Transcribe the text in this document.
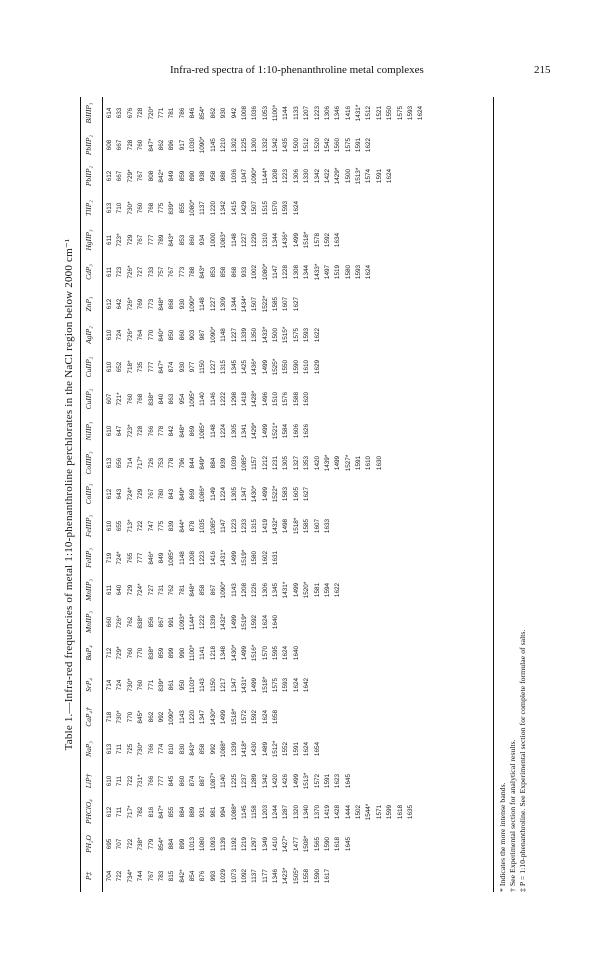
Infra-red spectra of 1:10-phenanthroline metal complexes	215
Table 1.—Infra-red frequencies of metal 1:10-phenanthroline perchlorates in the NaCl region below 2000 cm⁻¹
P‡
PH₂O
PHClO₄
LiP†
NaP₃
CaP₄†
SrP₄
BaP₄
MnIIP₃
MnIIP₃
FeIIP₃
FeIIIP₃
CoIIP₃
CoIIIP₃
NiIIP₃
CuIIP₂
CuIIP₂
AgIP₂
ZnP₃
CdP₃
HgIIP₃
TlIP₂
PbIIP₂
PbIIP₂
BiIIIP₃
704 722 734* 744 767 783 815 842* 854 876 993 1029 1073 1092 1137 1177 1346 1423* 1505* 1558 1590 1617
695 707 722 738* 779 854* 884 899 1013 1080 1093 1139 1192 1219 1297 1349 1410 1427* 1477 1508* 1565 1590 1618 1645
612 711 717* 782 816 847* 855 884 889 931 981 994 1088* 1145 1158 1203 1244 1287 1320 1340 1370 1419 1428 1444 1502 1544* 1571 1599 1618 1635
610 711 722 731* 766 777 845 860 874 887 1087* 1140 1225 1237 1289 1342 1420 1426 1499 1513* 1572 1591 1623 1645
613 711 725 730* 766 774 810 830 843* 858 992 1088* 1339 1418* 1430 1489 1512* 1552 1591 1624 1654
718 730* 770 845* 862 992 1090* 1143 1220 1347 1430* 1499 1518* 1572 1592 1624 1658
714 724 730* 760 771 839* 861 950 1103* 1143 1150 1217 1347 1431* 1499 1518* 1575 1593 1624 1642
712 729* 760 770 838* 859 899 990 1100* 1141 1218 1348 1430* 1499 1516* 1570 1595 1624 1640
660 726* 762 838* 856 867 991 1093* 1144* 1222 1339 1432* 1499 1519* 1592 1624 1640
611 640 729 724* 727 731 762 781 848* 858 867 1090* 1143 1208 1226 1306 1345 1431* 1499 1520* 1581 1594 1622
719 724* 765 777 846* 849 1085* 1148 1208 1223 1416 1431* 1499 1519* 1580 1602 1631
610 655 713* 722 747 775 839 844* 878 1035 1085* 1147 1223 1233 1315 1419 1432* 1498 1518* 1585 1607 1633
612 643 724* 729 767 780 843 849* 869 1086* 1149 1224 1305 1347 1430* 1499 1522* 1583 1605 1627
613 656 714 717* 726 753 778 796 844 849* 884 939 1039 1085* 1157 1212 1231 1305 1327 1353 1420 1439* 1499 1527* 1591 1610 1630
610 647 723* 728 766 778 842 848* 869 1085* 1148 1224 1305 1341 1429* 1499 1521* 1584 1606 1626
607 721* 760 768 838* 840 863 954 1095* 1140 1146 1222 1298 1418 1428* 1496 1510 1576 1588 1620
610 652 718* 735 777 847* 874 930 977 1150 1227 1315 1345 1425 1436* 1499 1525* 1550 1590 1610 1629
610 724 726* 764 770 840* 850 860 903 987 1090* 1148 1227 1339 1350 1433* 1500 1515* 1575 1593 1622
612 642 726* 769 773 848* 868 930 1090* 1148 1227 1309 1344 1434* 1507 1522* 1585 1607 1627
611 723 726* 727 733 757 767 773 788 843* 853 858 868 933 1002 1080* 1147 1228 1308 1344 1433* 1497 1519 1580 1593 1624
611 723* 729 767 777 789 843* 853 860 934 1000 1083* 1148 1227 1229 1310 1344 1436* 1499 1518* 1578 1592 1634
613 710 730* 760 768 775 839* 855 1080* 1137 1220 1342 1415 1429 1507 1515 1570 1593 1624
612 667 729* 767 808 842* 849 859 890 938 958 988 1036 1047 1090* 1144* 1208 1223 1306 1330 1342 1422 1429* 1500 1513* 1574 1591 1624
608 667 728 760 847* 862 896 917 1030 1090* 1145 1210 1302 1225 1300 1332 1342 1435 1500 1512 1520 1542 1560 1575 1591 1622
614 633 676 728 720* 771 781 786 846 854* 862 930 942 1008 1036 1053 1100* 1144 1133 1207 1223 1306 1346 1416 1431* 1512 1521 1550 1575 1593 1624
* Indicates the more intense bands. † See Experimental section for analytical results. ‡ P = 1:10-phenanthroline. See Experimental section for complete formulae of salts.
